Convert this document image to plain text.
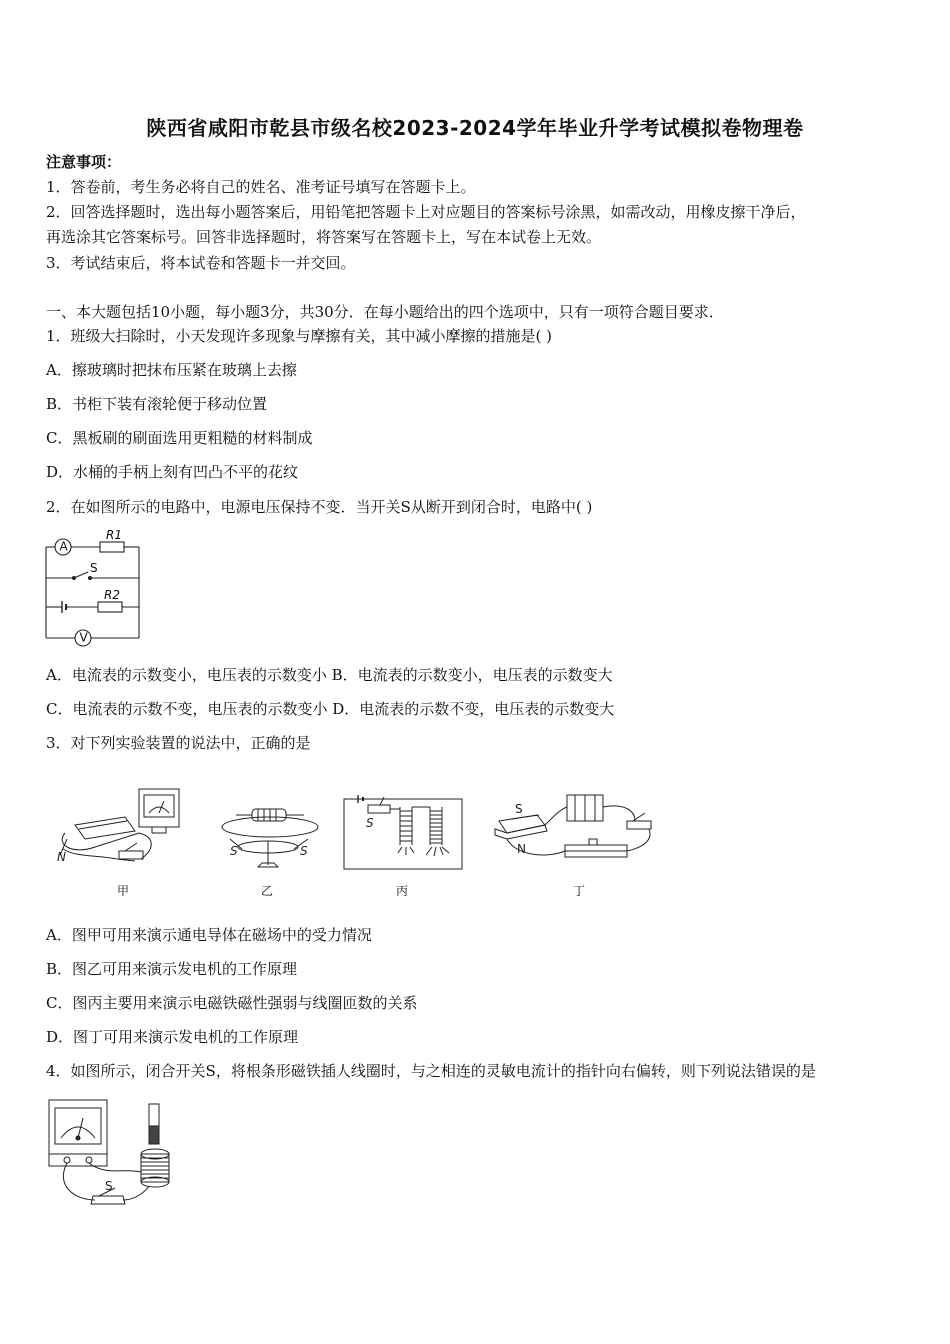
陕西省咸阳市乾县市级名校2023-2024学年毕业升学考试模拟卷物理卷
注意事项：
1．答卷前，考生务必将自己的姓名、准考证号填写在答题卡上。
2．回答选择题时，选出每小题答案后，用铅笔把答题卡上对应题目的答案标号涂黑，如需改动，用橡皮擦干净后，
再选涂其它答案标号。回答非选择题时，将答案写在答题卡上，写在本试卷上无效。
3．考试结束后，将本试卷和答题卡一并交回。
一、本大题包括10小题，每小题3分，共30分．在每小题给出的四个选项中，只有一项符合题目要求．
1．班级大扫除时，小天发现许多现象与摩擦有关，其中减小摩擦的措施是( )
A．擦玻璃时把抹布压紧在玻璃上去擦
B．书柜下装有滚轮便于移动位置
C．黑板刷的刷面选用更粗糙的材料制成
D．水桶的手柄上刻有凹凸不平的花纹
2．在如图所示的电路中，电源电压保持不变．当开关S从断开到闭合时，电路中( )
A
R1
S
R2
V
A．电流表的示数变小，电压表的示数变小 B．电流表的示数变小，电压表的示数变大
C．电流表的示数不变，电压表的示数变小 D．电流表的示数不变，电压表的示数变大
3．对下列实验装置的说法中，正确的是
N
甲
S	S
乙
S
丙
S
N
丁
A．图甲可用来演示通电导体在磁场中的受力情况
B．图乙可用来演示发电机的工作原理
C．图丙主要用来演示电磁铁磁性强弱与线圈匝数的关系
D．图丁可用来演示发电机的工作原理
4．如图所示，闭合开关S，将根条形磁铁插人线圈时，与之相连的灵敏电流计的指针向右偏转，则下列说法错误的是
S
